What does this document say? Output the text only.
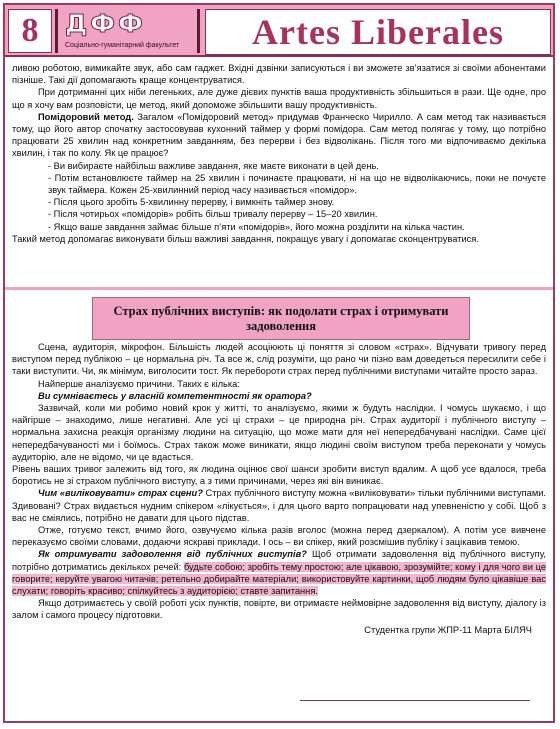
8 ДФФ
Соціально-гуманітарний факультет Artes Liberales

ливою роботою, вимикайте звук, або сам гаджет. Вхідні дзвінки записуються і ви зможете зв’язатися зі своїми абонентами пізніше. Такі дії допомагають краще концентруватися.

При дотриманні цих ніби легеньких, але дуже дієвих пунктів ваша продуктивність збільшиться в рази. Ще одне, про що я хочу вам розповісти, це метод, який допоможе збільшити вашу продуктивність.

Помідоровий метод. Загалом «Помідоровий метод» придумав Франческо Чирилло. А сам метод так називається тому, що його автор спочатку застосовував кухонний таймер у формі помідора. Сам метод полягає у тому, що потрібно працювати 25 хвилин над конкретним завданням, без перерви і без відволікань. Після того ми відпочиваємо декілька хвилин, і так по колу. Як це працює?

- Ви вибираєте найбільш важливе завдання, яке маєте виконати в цей день.

- Потім встановлюєте таймер на 25 хвилин і починаєте працювати, ні на що не відволікаючись, поки не почуєте звук таймера. Кожен 25-хвилинний період часу називається «помідор».

- Після цього зробіть 5-хвилинну перерву, і вимкніть таймер знову.

- Після чотирьох «помідорів» робіть більш тривалу перерву – 15–20 хвилин.

- Якщо ваше завдання займає більше п’яти «помідорів», його можна розділити на кілька частин.

Такий метод допомагає виконувати більш важливі завдання, покращує увагу і допомагає сконцентруватися.

Страх публічних виступів: як подолати страх і отримувати задоволення

Сцена, аудиторія, мікрофон. Більшість людей асоціюють ці поняття зі словом «страх». Відчувати тривогу перед виступом перед публікою – це нормальна річ. Та все ж, слід розуміти, що рано чи пізно вам доведеться пересилити себе і таки виступити. Чи, як мінімум, виголосити тост. Як перебороти страх перед публічними виступами читайте просто зараз.

Найперше аналізуємо причини. Таких є кілька:

Ви сумніваєтесь у власній компетентності як оратора?

Зазвичай, коли ми робимо новий крок у житті, то аналізуємо, якими ж будуть наслідки. І чомусь шукаємо, і що найгірше – знаходимо, лише негативні. Але усі ці страхи – це природна річ. Страх аудиторії і публічного виступу – нормальна захисна реакція організму людини на ситуацію, що може мати для неї непередбачувані наслідки. Саме цієї непередбачуваності ми і боїмось. Страх також може виникати, якщо людині своїм виступом треба переконати у чомусь аудиторію, але не відомо, чи це вдасться.

Рівень ваших тривог залежить від того, як людина оцінює свої шанси зробити виступ вдалим. А щоб усе вдалося, треба боротись не зі страхом публічного виступу, а з тими причинами, через які він виникає.

Чим «виліковувати» страх сцени? Страх публічного виступу можна «виліковувати» тільки публічними виступами. Здивовані? Страх видається нудним спікером «лікується», і для цього варто попрацювати над упевненістю у собі. Щоб з вас не сміялись, потрібно не давати для цього підстав.

Отже, готуємо текст, вчимо його, озвучуємо кілька разів вголос (можна перед дзеркалом). А потім усе вивчене переказуємо своїми словами, додаючи яскраві приклади. І ось – ви спікер, який розсмішив публіку і зацікавив темою.

Як отримувати задоволення від публічних виступів? Щоб отримати задоволення від публічного виступу, потрібно дотриматись декількох речей: будьте собою; зробіть тему простою; але цікавою, зрозумійте; кому і для чого ви це говорите; керуйте увагою читачів; ретельно добирайте матеріали; використовуйте картинки, щоб людям було цікавіше вас слухати; говоріть красиво; спілкуйтесь з аудиторією; ставте запитання.

Якщо дотримаєтесь у своїй роботі усіх пунктів, повірте, ви отримаєте неймовірне задоволення від виступу, діалогу із залом і самого процесу підготовки.

Студентка групи ЖПР-11 Марта БІЛЯЧ
